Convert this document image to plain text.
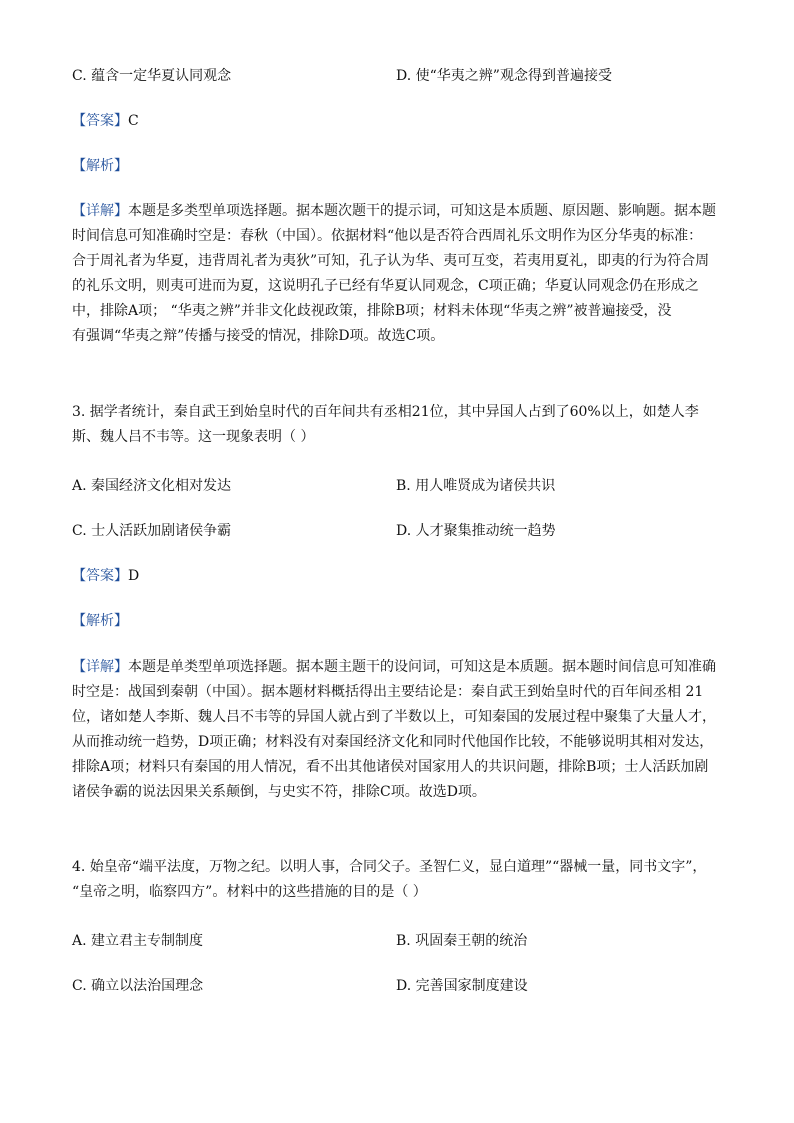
C. 蕴含一定华夏认同观念	D. 使“华夷之辨”观念得到普遍接受
【答案】C
【解析】
【详解】本题是多类型单项选择题。据本题次题干的提示词，可知这是本质题、原因题、影响题。据本题
时间信息可知准确时空是：春秋（中国）。依据材料“他以是否符合西周礼乐文明作为区分华夷的标准：
合于周礼者为华夏，违背周礼者为夷狄”可知，孔子认为华、夷可互变，若夷用夏礼，即夷的行为符合周
的礼乐文明，则夷可进而为夏，这说明孔子已经有华夏认同观念，C项正确；华夏认同观念仍在形成之
中，排除A项； “华夷之辨”并非文化歧视政策，排除B项；材料未体现“华夷之辨”被普遍接受，没
有强调“华夷之辩”传播与接受的情况，排除D项。故选C项。
3. 据学者统计，秦自武王到始皇时代的百年间共有丞相21位，其中异国人占到了60%以上，如楚人李
斯、魏人吕不韦等。这一现象表明（ ）
A. 秦国经济文化相对发达	B. 用人唯贤成为诸侯共识
C. 士人活跃加剧诸侯争霸	D. 人才聚集推动统一趋势
【答案】D
【解析】
【详解】本题是单类型单项选择题。据本题主题干的设问词，可知这是本质题。据本题时间信息可知准确
时空是：战国到秦朝（中国）。据本题材料概括得出主要结论是：秦自武王到始皇时代的百年间丞相 21
位，诸如楚人李斯、魏人吕不韦等的异国人就占到了半数以上，可知秦国的发展过程中聚集了大量人才，
从而推动统一趋势，D项正确；材料没有对秦国经济文化和同时代他国作比较，不能够说明其相对发达，
排除A项；材料只有秦国的用人情况，看不出其他诸侯对国家用人的共识问题，排除B项；士人活跃加剧
诸侯争霸的说法因果关系颠倒，与史实不符，排除C项。故选D项。
4. 始皇帝“端平法度，万物之纪。以明人事，合同父子。圣智仁义，显白道理”“器械一量，同书文字”，
“皇帝之明，临察四方”。材料中的这些措施的目的是（ ）
A. 建立君主专制制度	B. 巩固秦王朝的统治
C. 确立以法治国理念	D. 完善国家制度建设
